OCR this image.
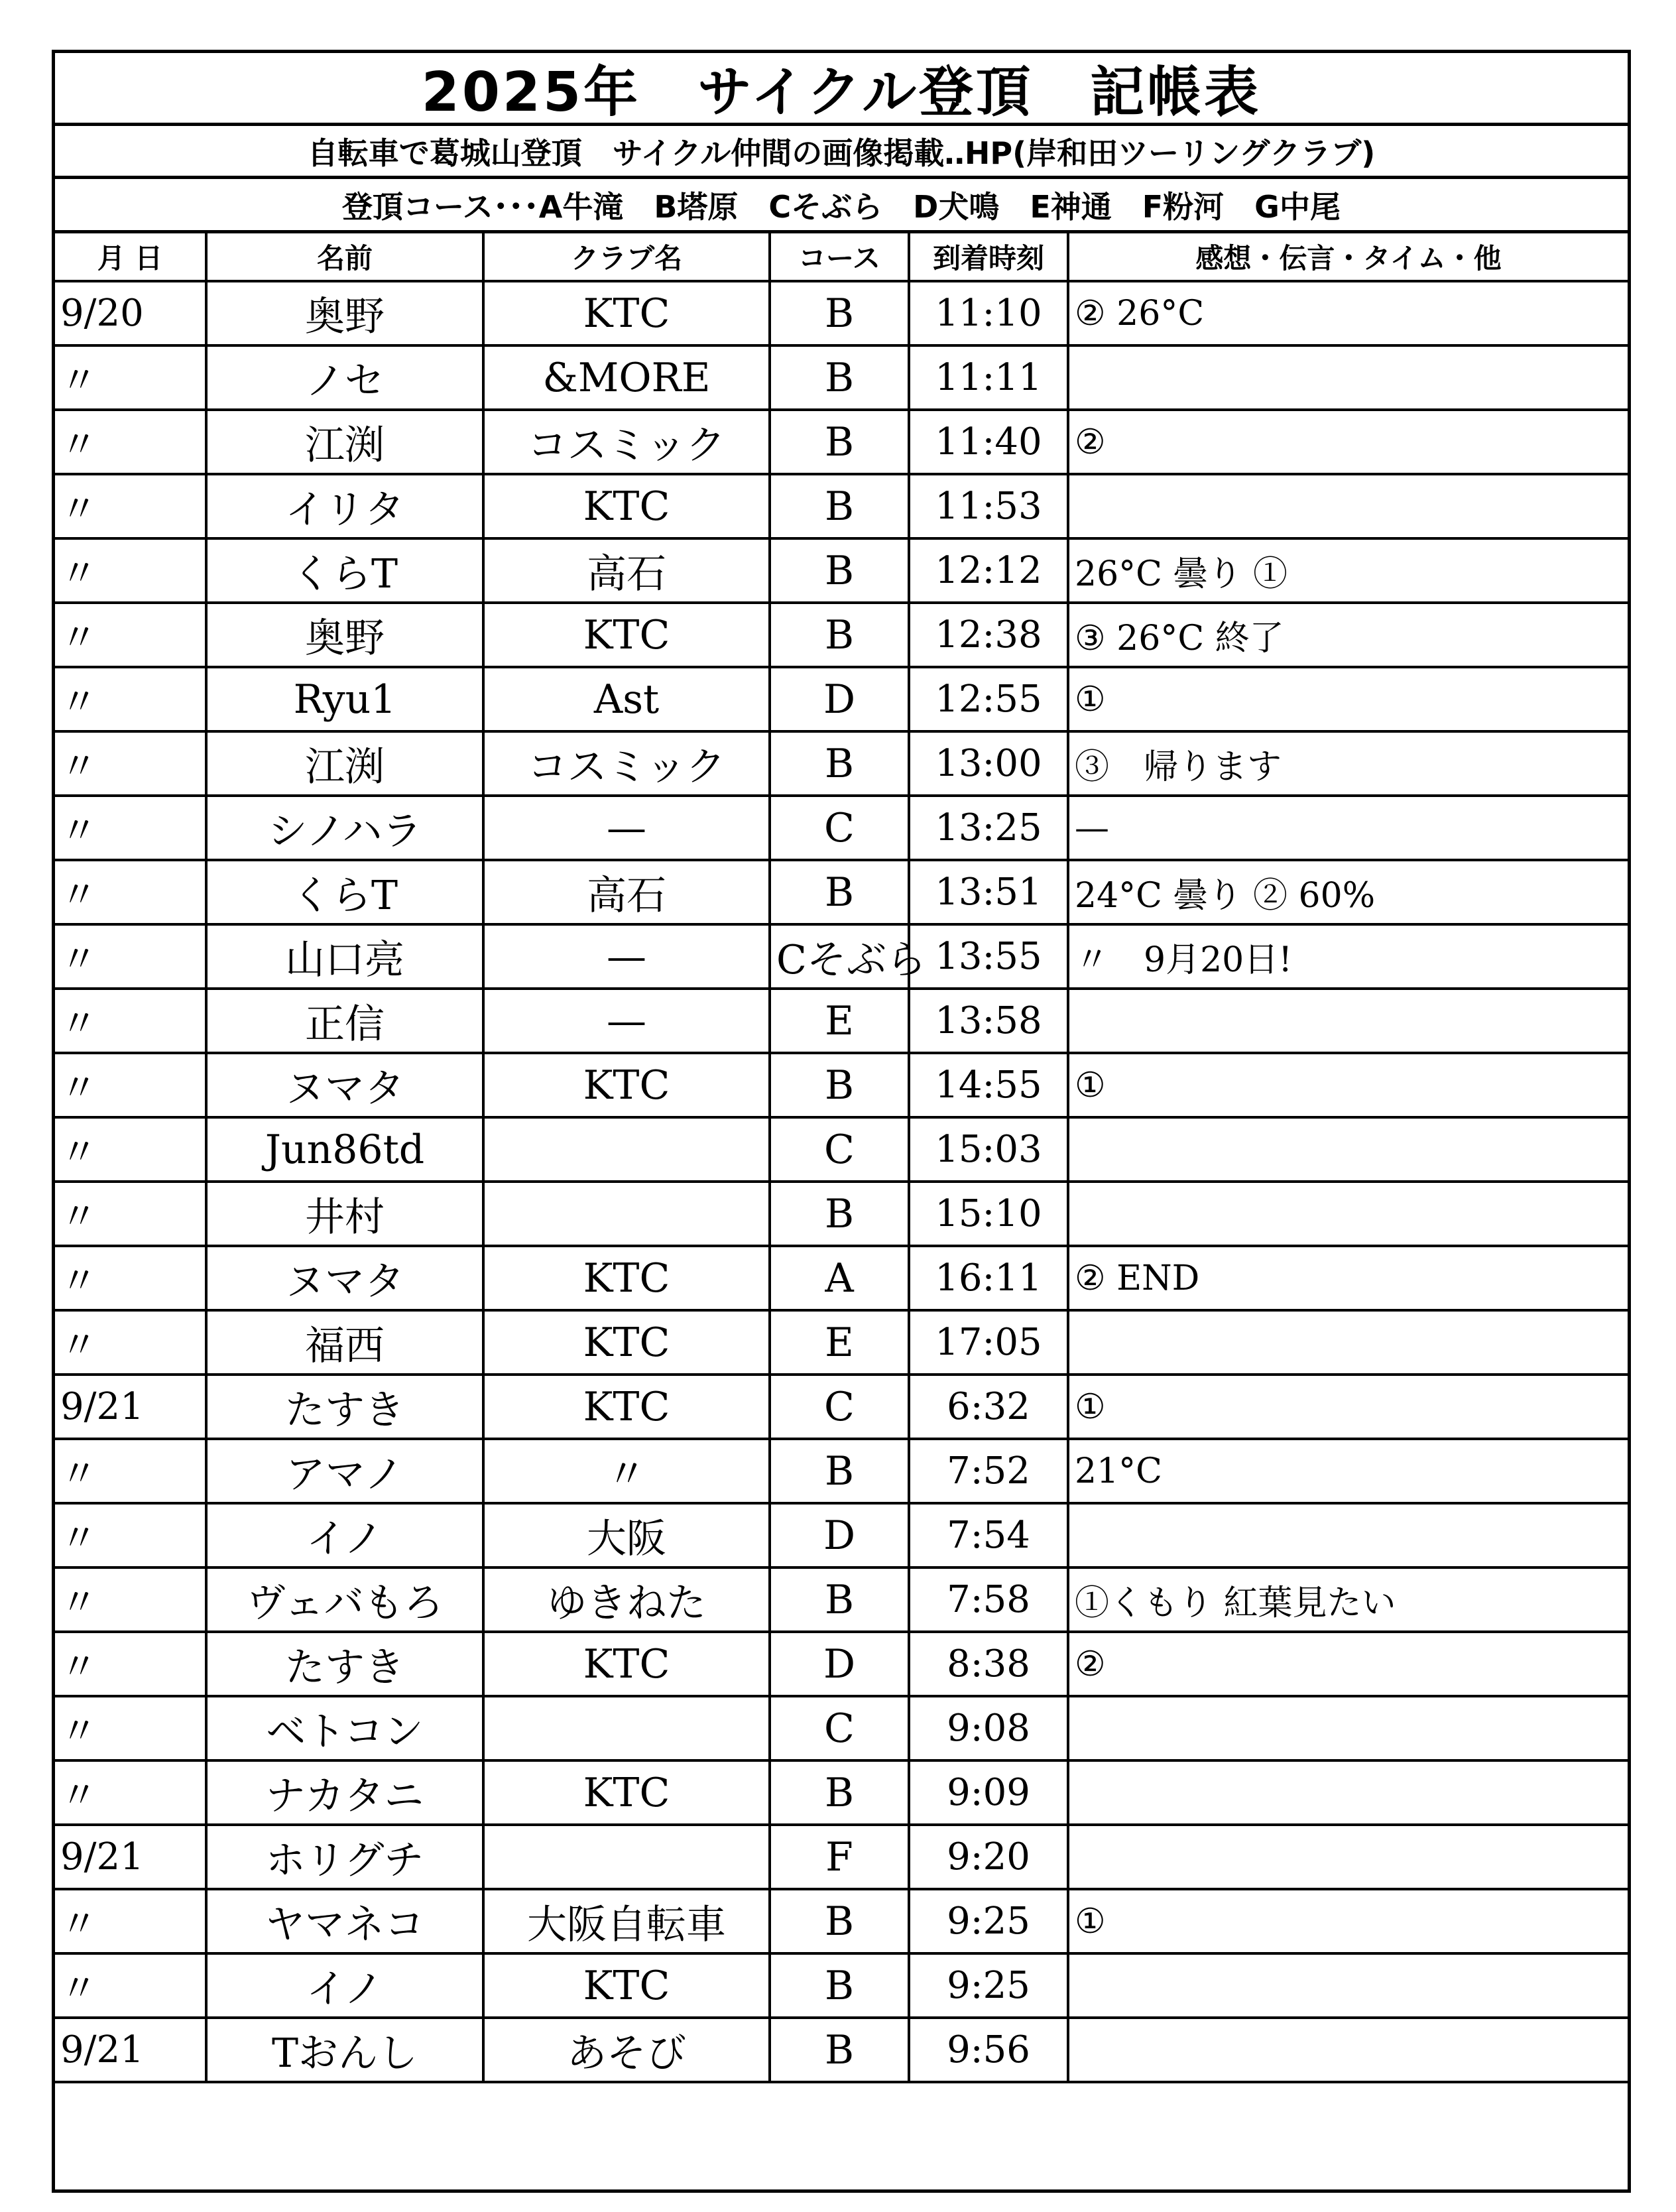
2025年　サイクル登頂　記帳表
自転車で葛城山登頂　サイクル仲間の画像掲載‥HP(岸和田ツーリングクラブ)
登頂コース･･･A牛滝　B塔原　Cそぶら　D犬鳴　E神通　F粉河　G中尾
月 日	名前	クラブ名	コース	到着時刻	感想・伝言・タイム・他
9/20	奥野	KTC	B	11:10	② 26°C
〃	ノセ	&MORE	B	11:11	
〃	江渕	コスミック	B	11:40	②
〃	イリタ	KTC	B	11:53	
〃	くらT	高石	B	12:12	26°C 曇り ①
〃	奥野	KTC	B	12:38	③ 26°C 終了
〃	Ryu1	Ast	D	12:55	①
〃	江渕	コスミック	B	13:00	③　帰ります
〃	シノハラ	—	C	13:25	—
〃	くらT	高石	B	13:51	24°C 曇り ② 60%
〃	山口亮	—	Cそぶら	13:55	〃　9月20日!
〃	正信	—	E	13:58	
〃	ヌマタ	KTC	B	14:55	①
〃	Jun86td		C	15:03	
〃	井村		B	15:10	
〃	ヌマタ	KTC	A	16:11	② END
〃	福西	KTC	E	17:05	
9/21	たすき	KTC	C	6:32	①
〃	アマノ	〃	B	7:52	21°C
〃	イノ	大阪	D	7:54	
〃	ヴェバもろ	ゆきねた	B	7:58	①くもり 紅葉見たい
〃	たすき	KTC	D	8:38	②
〃	ベトコン		C	9:08	
〃	ナカタニ	KTC	B	9:09	
9/21	ホリグチ		F	9:20	
〃	ヤマネコ	大阪自転車	B	9:25	①
〃	イノ	KTC	B	9:25	
9/21	Tおんし	あそび	B	9:56	
